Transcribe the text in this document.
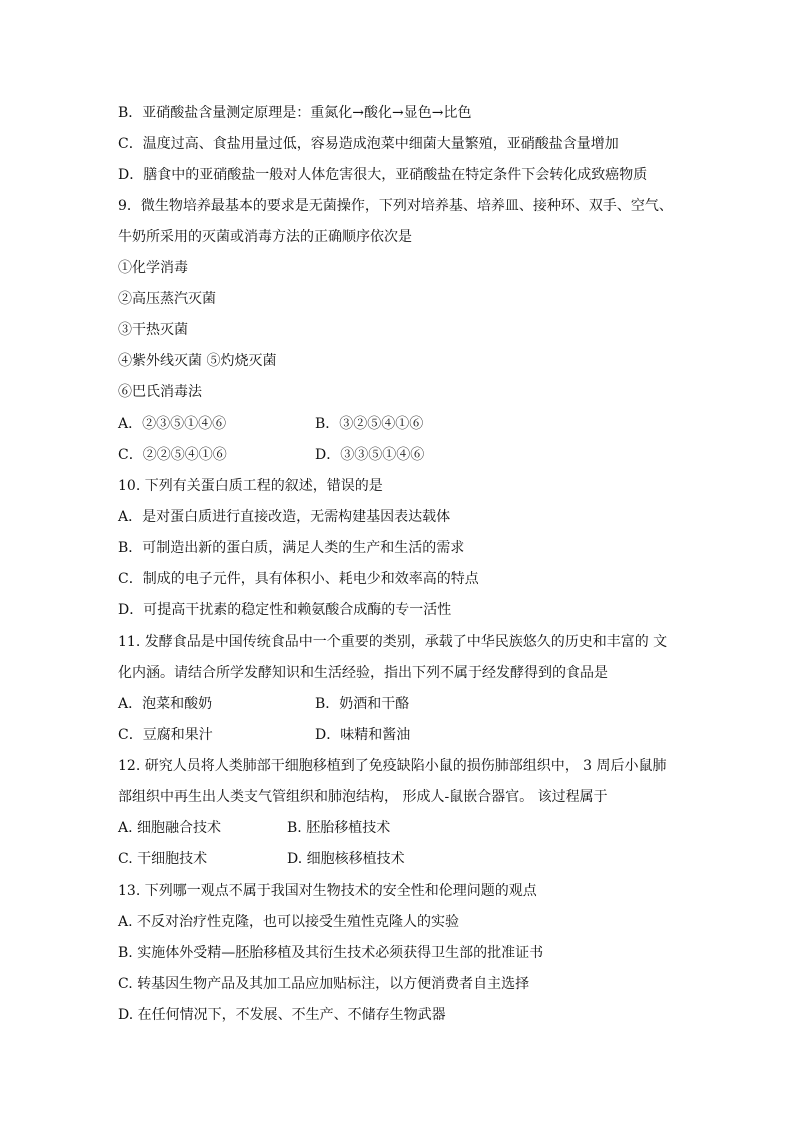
B．亚硝酸盐含量测定原理是：重氮化→酸化→显色→比色
C．温度过高、食盐用量过低，容易造成泡菜中细菌大量繁殖，亚硝酸盐含量增加
D．膳食中的亚硝酸盐一般对人体危害很大，亚硝酸盐在特定条件下会转化成致癌物质
9．微生物培养最基本的要求是无菌操作，下列对培养基、培养皿、接种环、双手、空气、
牛奶所采用的灭菌或消毒方法的正确顺序依次是
①化学消毒
②高压蒸汽灭菌
③干热灭菌
④紫外线灭菌 ⑤灼烧灭菌
⑥巴氏消毒法
A．②③⑤①④⑥	B．③②⑤④①⑥
C．②②⑤④①⑥	D．③③⑤①④⑥
10. 下列有关蛋白质工程的叙述，错误的是
A．是对蛋白质进行直接改造，无需构建基因表达载体
B．可制造出新的蛋白质，满足人类的生产和生活的需求
C．制成的电子元件，具有体积小、耗电少和效率高的特点
D．可提高干扰素的稳定性和赖氨酸合成酶的专一活性
11. 发酵食品是中国传统食品中一个重要的类别，承载了中华民族悠久的历史和丰富的 文
化内涵。请结合所学发酵知识和生活经验，指出下列不属于经发酵得到的食品是
A．泡菜和酸奶	B．奶酒和干酪
C．豆腐和果汁	D．味精和酱油
12. 研究人员将人类肺部干细胞移植到了免疫缺陷小鼠的损伤肺部组织中， 3 周后小鼠肺
部组织中再生出人类支气管组织和肺泡结构， 形成人-鼠嵌合器官。 该过程属于
A. 细胞融合技术	B. 胚胎移植技术
C. 干细胞技术	D. 细胞核移植技术
13. 下列哪一观点不属于我国对生物技术的安全性和伦理问题的观点
A. 不反对治疗性克隆，也可以接受生殖性克隆人的实验
B. 实施体外受精—胚胎移植及其衍生技术必须获得卫生部的批准证书
C. 转基因生物产品及其加工品应加贴标注，以方便消费者自主选择
D. 在任何情况下，不发展、不生产、不储存生物武器
